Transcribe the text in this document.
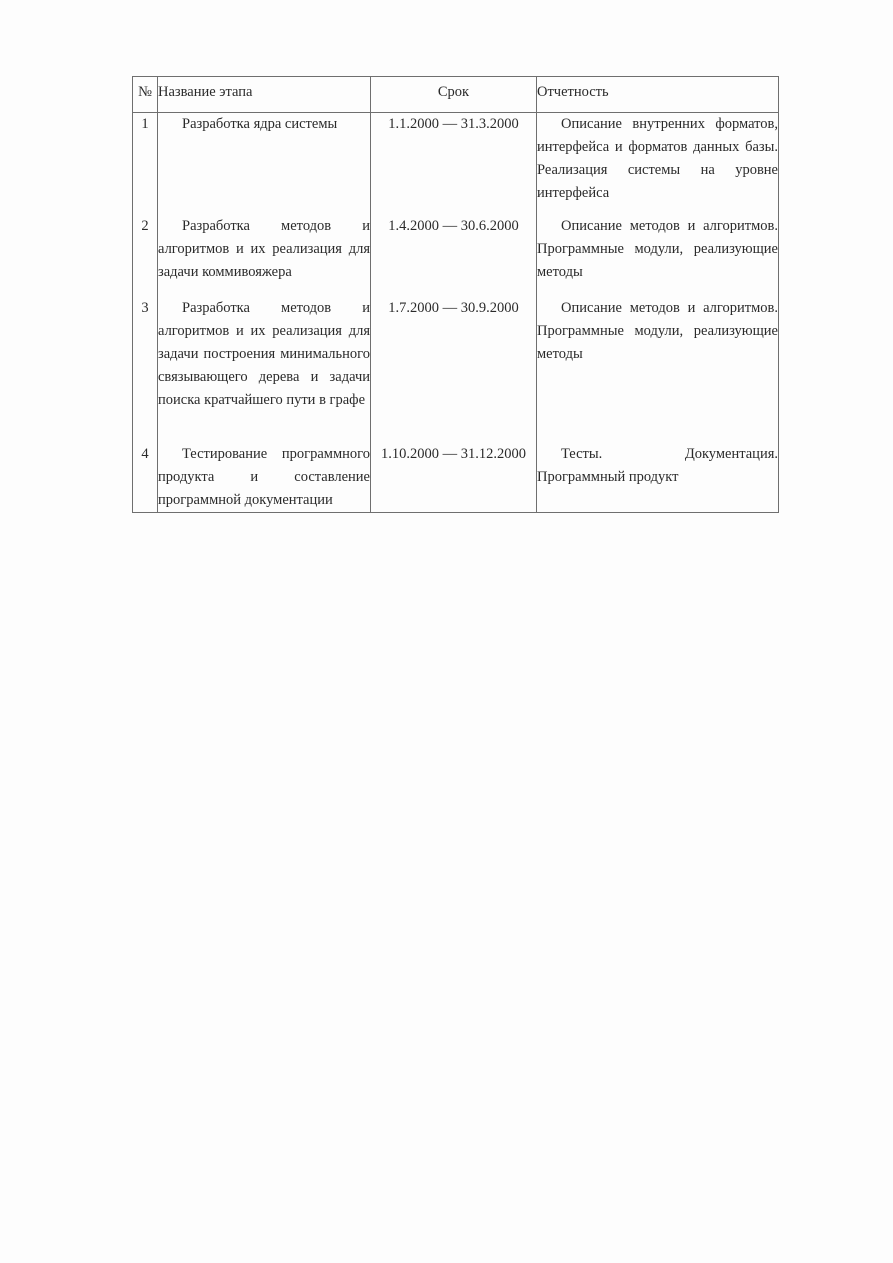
№	Название этапа	Срок	Отчетность
1	Разработка ядра системы	1.1.2000 — 31.3.2000	Описание внутренних форматов, интерфейса и форматов данных базы. Реализация системы на уровне интерфейса
2	Разработка методов и алгоритмов и их реализация для задачи коммивояжера	1.4.2000 — 30.6.2000	Описание методов и алгоритмов. Программные модули, реализующие методы
3	Разработка методов и алгоритмов и их реализация для задачи построения минимального связывающего дерева и задачи поиска кратчайшего пути в графе	1.7.2000 — 30.9.2000	Описание методов и алгоритмов. Программные модули, реализующие методы
4	Тестирование программного продукта и составление программной документации	1.10.2000 — 31.12.2000	Тесты. Документация. Программный продукт
